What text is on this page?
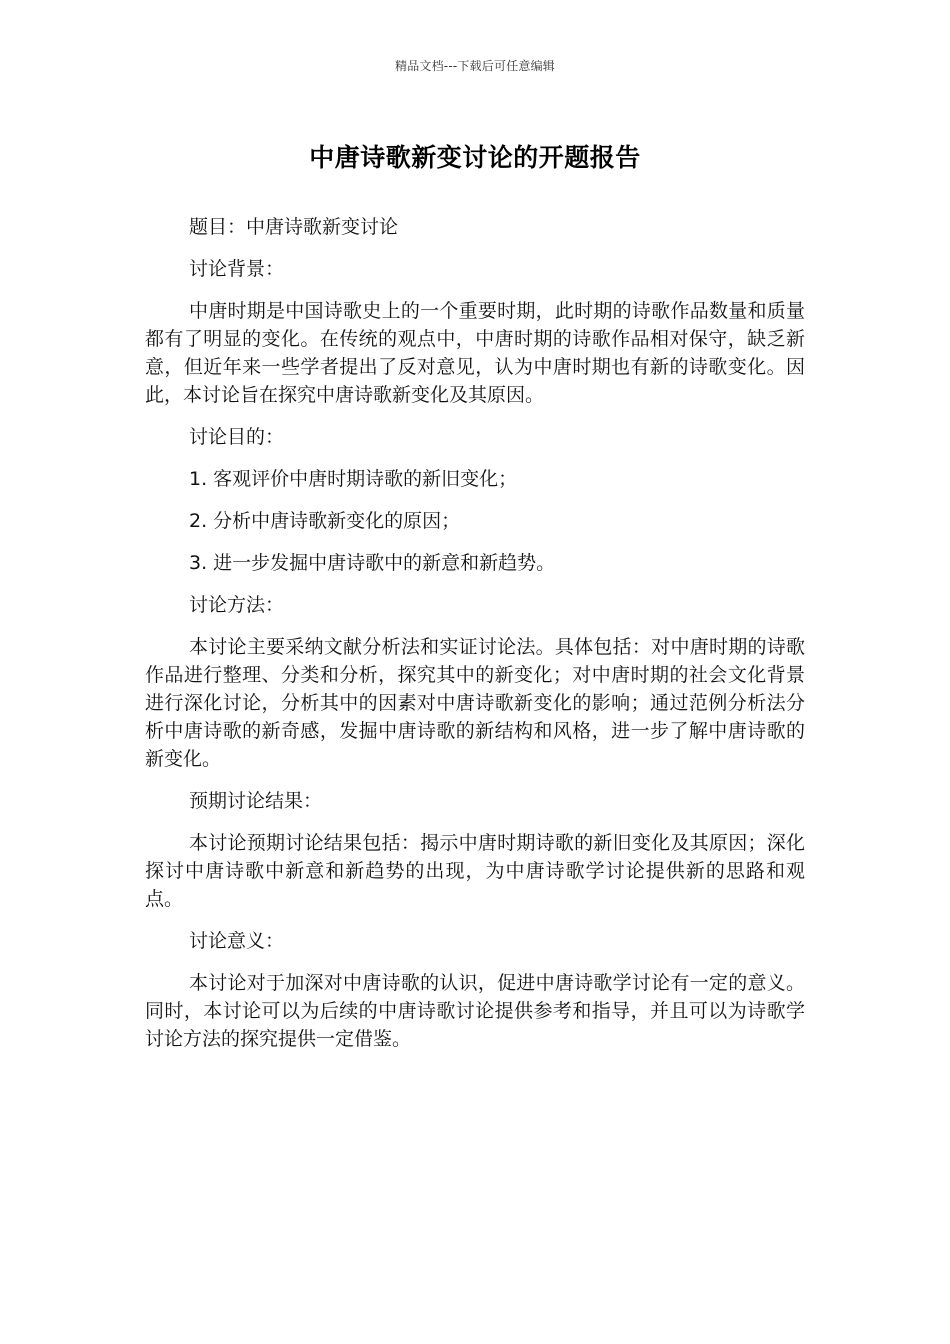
精品文档---下载后可任意编辑
中唐诗歌新变讨论的开题报告

题目：中唐诗歌新变讨论

讨论背景：

中唐时期是中国诗歌史上的一个重要时期，此时期的诗歌作品数量和质量都有了明显的变化。在传统的观点中，中唐时期的诗歌作品相对保守，缺乏新意，但近年来一些学者提出了反对意见，认为中唐时期也有新的诗歌变化。因此，本讨论旨在探究中唐诗歌新变化及其原因。

讨论目的：

1. 客观评价中唐时期诗歌的新旧变化；

2. 分析中唐诗歌新变化的原因；

3. 进一步发掘中唐诗歌中的新意和新趋势。

讨论方法：

本讨论主要采纳文献分析法和实证讨论法。具体包括：对中唐时期的诗歌作品进行整理、分类和分析，探究其中的新变化；对中唐时期的社会文化背景进行深化讨论，分析其中的因素对中唐诗歌新变化的影响；通过范例分析法分析中唐诗歌的新奇感，发掘中唐诗歌的新结构和风格，进一步了解中唐诗歌的新变化。

预期讨论结果：

本讨论预期讨论结果包括：揭示中唐时期诗歌的新旧变化及其原因；深化探讨中唐诗歌中新意和新趋势的出现，为中唐诗歌学讨论提供新的思路和观点。

讨论意义：

本讨论对于加深对中唐诗歌的认识，促进中唐诗歌学讨论有一定的意义。同时，本讨论可以为后续的中唐诗歌讨论提供参考和指导，并且可以为诗歌学讨论方法的探究提供一定借鉴。
